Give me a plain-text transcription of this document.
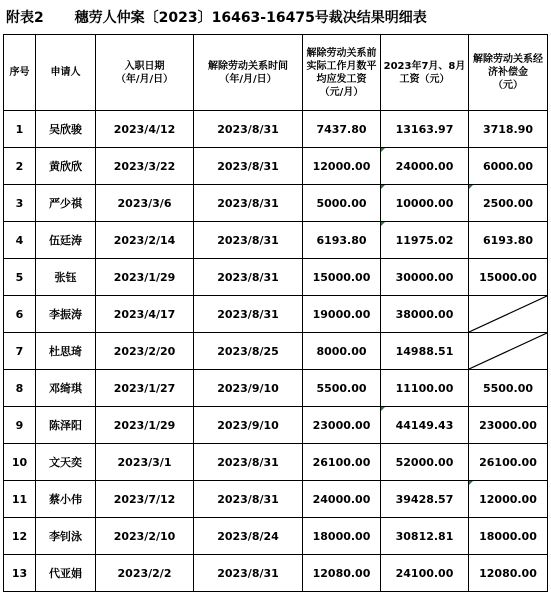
附表2 穗劳人仲案〔2023〕16463-16475号裁决结果明细表
序号	申请人	入职日期
（年/月/日）	解除劳动关系时间
（年/月/日）	解除劳动关系前实际工作月数平均应发工资
（元/月）	2023年7月、8月工资（元）	解除劳动关系经济补偿金
（元）
1	吴欣骏	2023/4/12	2023/8/31	7437.80	13163.97	3718.90
2	黄欣欣	2023/3/22	2023/8/31	12000.00	24000.00	6000.00
3	严少祺	2023/3/6	2023/8/31	5000.00	10000.00	2500.00

4	伍廷涛	2023/2/14	2023/8/31	6193.80	11975.02	6193.80
5	张钰	2023/1/29	2023/8/31	15000.00	30000.00	15000.00
6	李振涛	2023/4/17	2023/8/31	19000.00	38000.00	

7	杜思琦	2023/2/20	2023/8/25	8000.00	14988.51	

8	邓绮琪	2023/1/27	2023/9/10	5500.00	11100.00	5500.00
9	陈泽阳	2023/1/29	2023/9/10	23000.00	44149.43	23000.00
10	文天奕	2023/3/1	2023/8/31	26100.00	52000.00	26100.00
11	蔡小伟	2023/7/12	2023/8/31	24000.00	39428.57	12000.00

12	李钊泳	2023/2/10	2023/8/24	18000.00	30812.81	18000.00
13	代亚娟	2023/2/2	2023/8/31	12080.00	24100.00	12080.00
